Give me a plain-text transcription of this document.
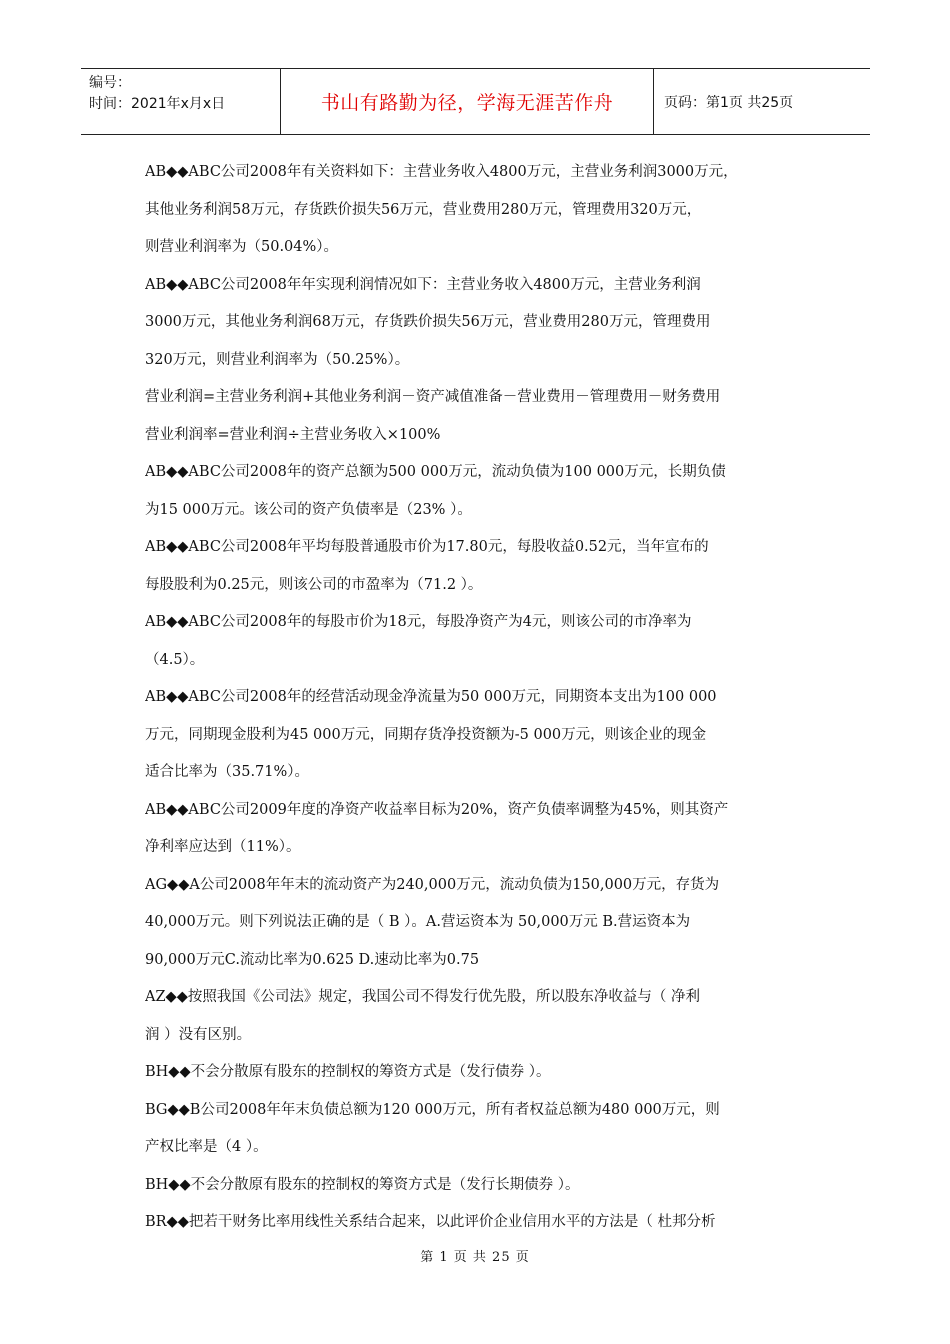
编号：
时间：2021年x月x日	书山有路勤为径，学海无涯苦作舟	页码：第1页 共25页
AB◆◆ABC公司2008年有关资料如下：主营业务收入4800万元，主营业务利润3000万元，
其他业务利润58万元，存货跌价损失56万元，营业费用280万元，管理费用320万元，
则营业利润率为（50.04%）。
AB◆◆ABC公司2008年年实现利润情况如下：主营业务收入4800万元，主营业务利润
3000万元，其他业务利润68万元，存货跌价损失56万元，营业费用280万元，管理费用
320万元，则营业利润率为（50.25%）。
营业利润=主营业务利润+其他业务利润－资产减值准备－营业费用－管理费用－财务费用
营业利润率=营业利润÷主营业务收入×100%
AB◆◆ABC公司2008年的资产总额为500 000万元，流动负债为100 000万元，长期负债
为15 000万元。该公司的资产负债率是（23% ）。
AB◆◆ABC公司2008年平均每股普通股市价为17.80元，每股收益0.52元，当年宣布的
每股股利为0.25元，则该公司的市盈率为（71.2 ）。
AB◆◆ABC公司2008年的每股市价为18元，每股净资产为4元，则该公司的市净率为
（4.5）。
AB◆◆ABC公司2008年的经营活动现金净流量为50 000万元，同期资本支出为100 000
万元，同期现金股利为45 000万元，同期存货净投资额为-5 000万元，则该企业的现金
适合比率为（35.71%）。
AB◆◆ABC公司2009年度的净资产收益率目标为20%，资产负债率调整为45%，则其资产
净利率应达到（11%）。
AG◆◆A公司2008年年末的流动资产为240,000万元，流动负债为150,000万元，存货为
40,000万元。则下列说法正确的是（ B ）。A.营运资本为 50,000万元 B.营运资本为
90,000万元C.流动比率为0.625 D.速动比率为0.75
AZ◆◆按照我国《公司法》规定，我国公司不得发行优先股，所以股东净收益与（ 净利
润 ）没有区别。
BH◆◆不会分散原有股东的控制权的筹资方式是（发行债券 ）。
BG◆◆B公司2008年年末负债总额为120 000万元，所有者权益总额为480 000万元，则
产权比率是（4 ）。
BH◆◆不会分散原有股东的控制权的筹资方式是（发行长期债券 ）。
BR◆◆把若干财务比率用线性关系结合起来，以此评价企业信用水平的方法是（ 杜邦分析
第 1 页 共 25 页
